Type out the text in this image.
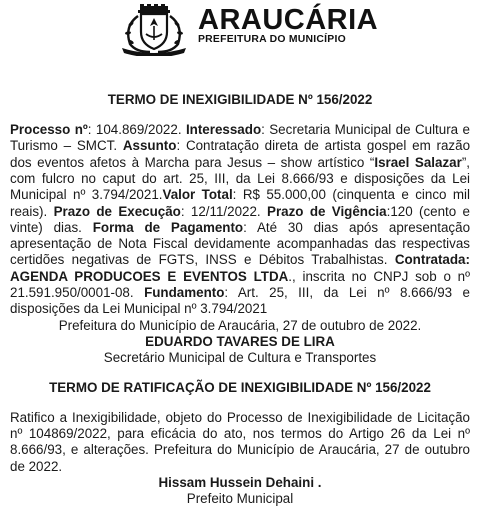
ARAUCÁRIA
PREFEITURA DO MUNICÍPIO

TERMO DE INEXIGIBILIDADE Nº 156/2022

Processo nº: 104.869/2022. Interessado: Secretaria Municipal de Cultura e Turismo – SMCT. Assunto: Contratação direta de artista gospel em razão dos eventos afetos à Marcha para Jesus – show artístico “Israel Salazar”, com fulcro no caput do art. 25, III, da Lei 8.666/93 e disposições da Lei Municipal nº 3.794/2021.Valor Total: R$ 55.000,00 (cinquenta e cinco mil reais). Prazo de Execução: 12/11/2022. Prazo de Vigência:120 (cento e vinte) dias. Forma de Pagamento: Até 30 dias após apresentação apresentação de Nota Fiscal devidamente acompanhadas das respectivas certidões negativas de FGTS, INSS e Débitos Trabalhistas. Contratada: AGENDA PRODUCOES E EVENTOS LTDA., inscrita no CNPJ sob o nº 21.591.950/0001-08. Fundamento: Art. 25, III, da Lei nº 8.666/93 e disposições da Lei Municipal nº 3.794/2021

Prefeitura do Município de Araucária, 27 de outubro de 2022.

EDUARDO TAVARES DE LIRA

Secretário Municipal de Cultura e Transportes

TERMO DE RATIFICAÇÃO DE INEXIGIBILIDADE Nº 156/2022

Ratifico a Inexigibilidade, objeto do Processo de Inexigibilidade de Licitação nº 104869/2022, para eficácia do ato, nos termos do Artigo 26 da Lei nº 8.666/93, e alterações. Prefeitura do Município de Araucária, 27 de outubro de 2022.

Hissam Hussein Dehaini .

Prefeito Municipal
